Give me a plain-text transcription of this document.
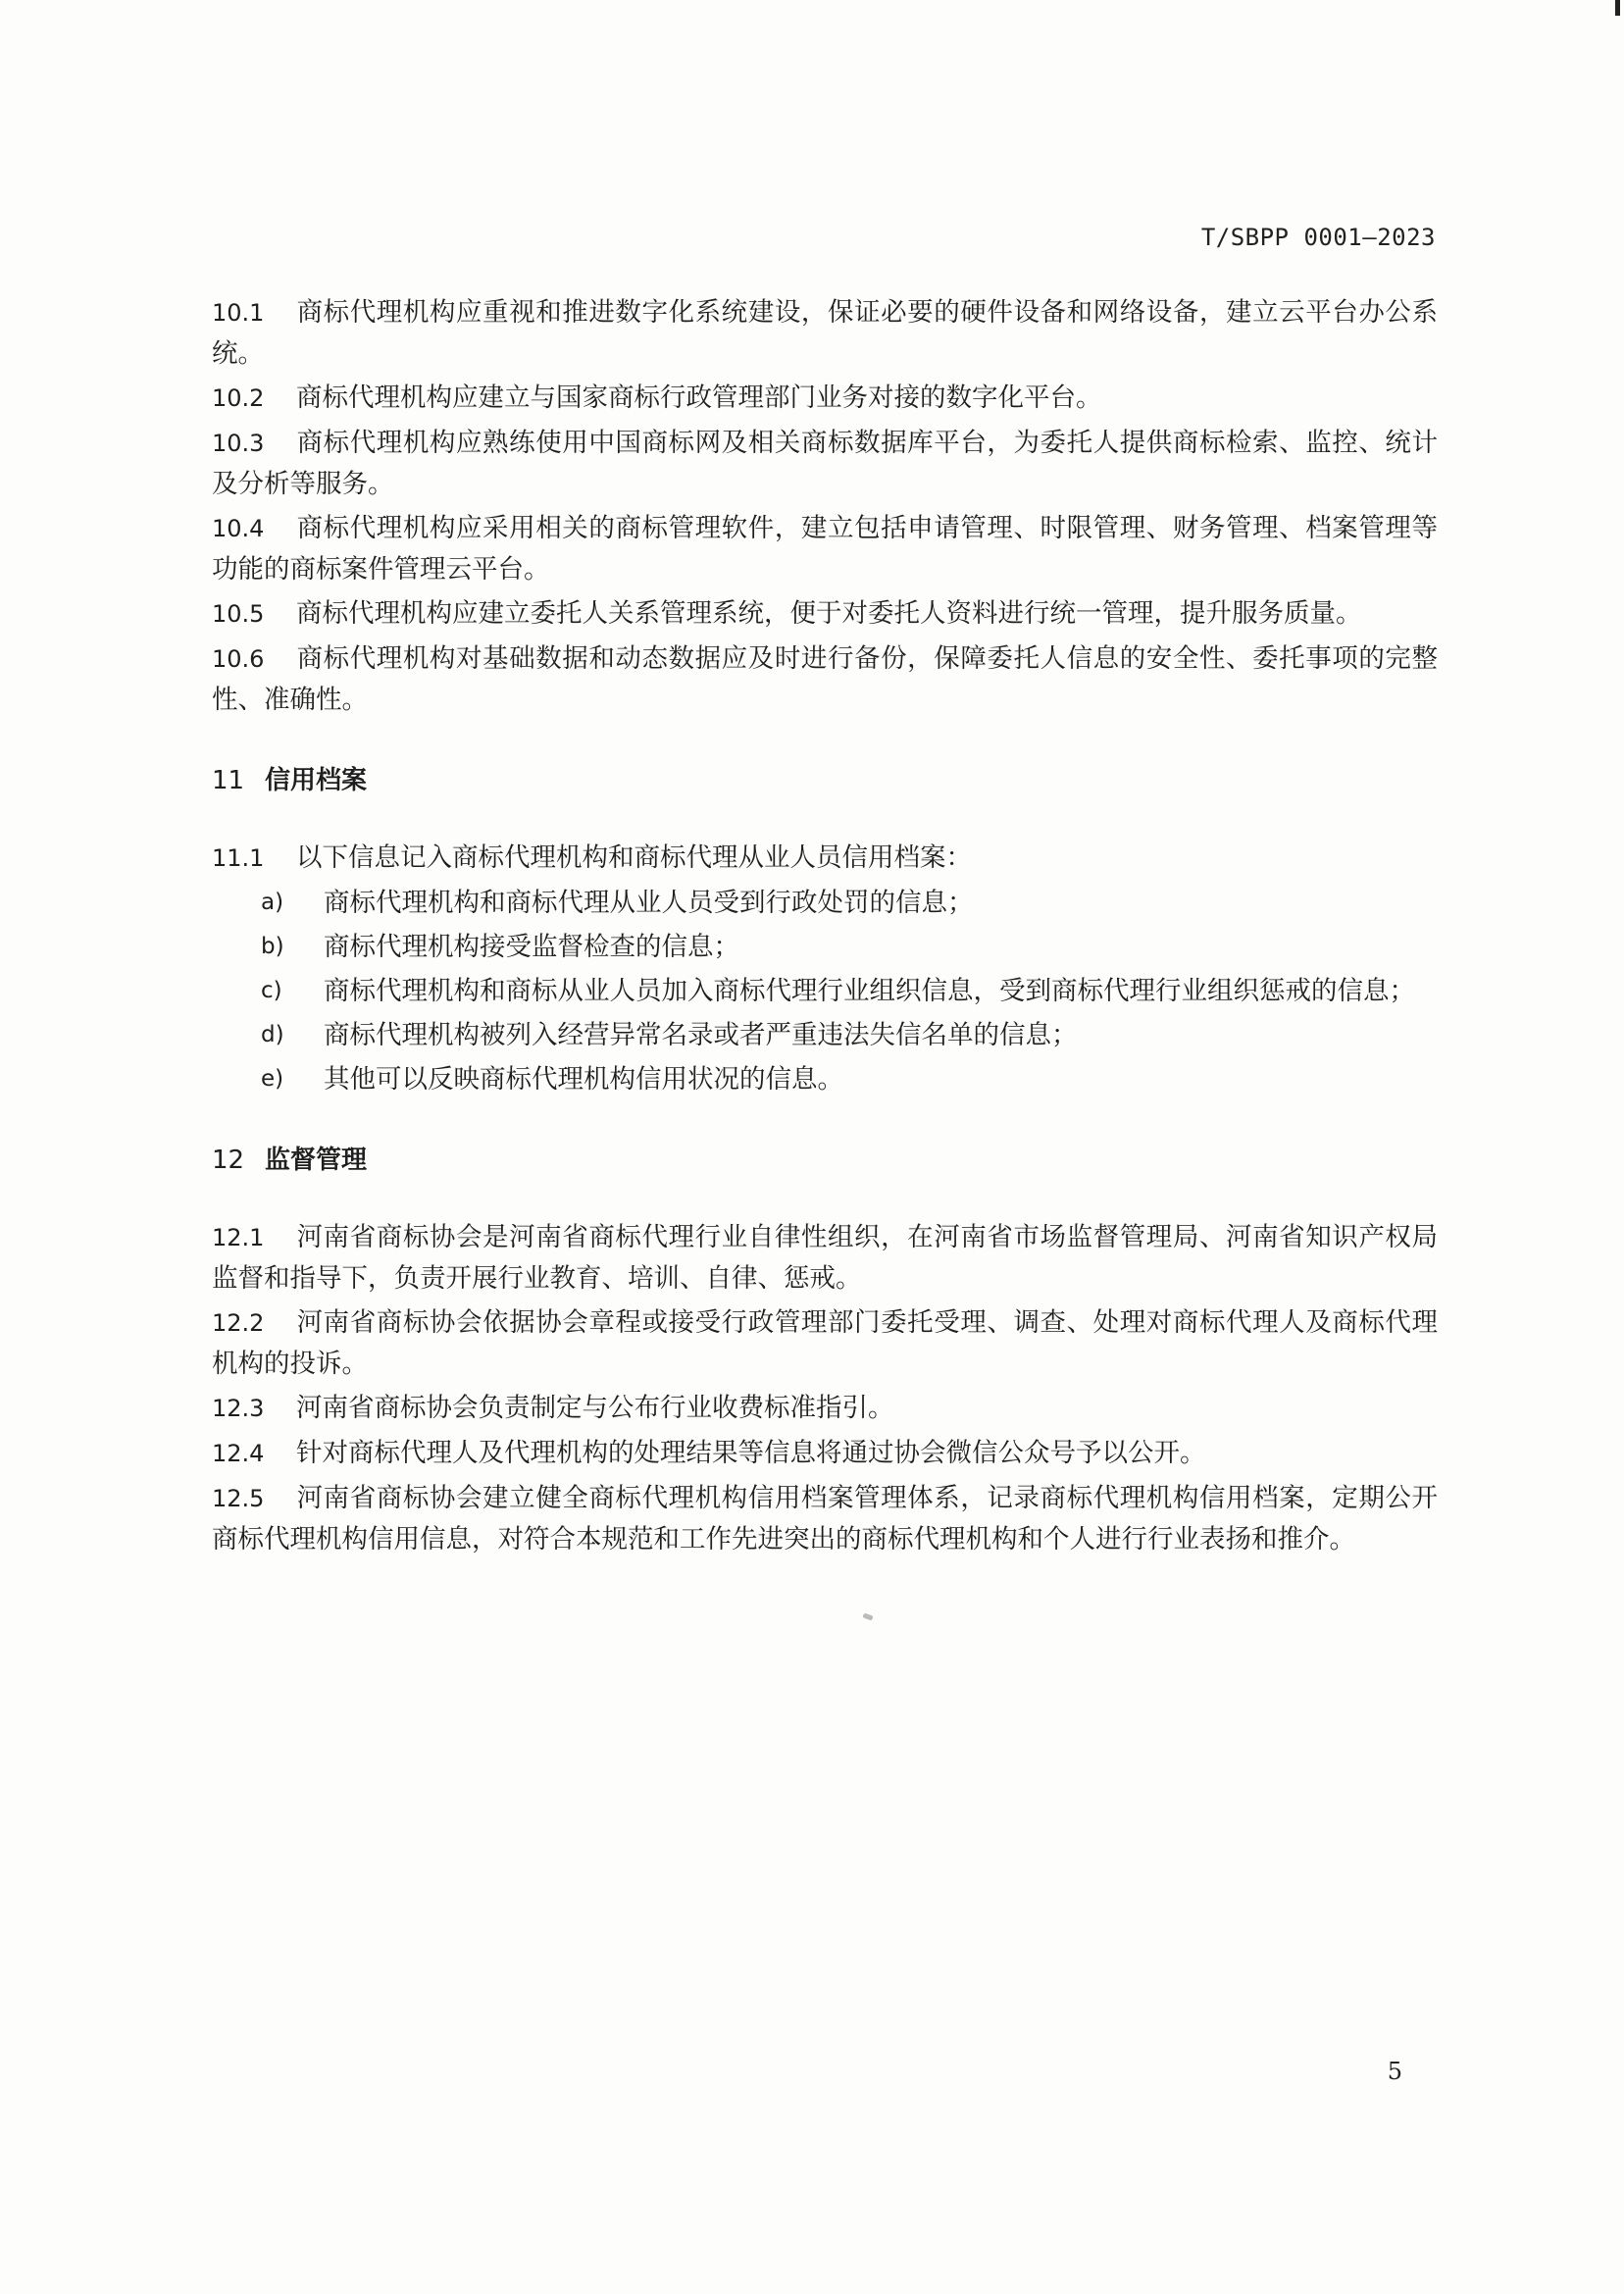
T/SBPP 0001—2023

10.1 商标代理机构应重视和推进数字化系统建设，保证必要的硬件设备和网络设备，建立云平台办公系统。

10.2 商标代理机构应建立与国家商标行政管理部门业务对接的数字化平台。

10.3 商标代理机构应熟练使用中国商标网及相关商标数据库平台，为委托人提供商标检索、监控、统计及分析等服务。

10.4 商标代理机构应采用相关的商标管理软件，建立包括申请管理、时限管理、财务管理、档案管理等功能的商标案件管理云平台。

10.5 商标代理机构应建立委托人关系管理系统，便于对委托人资料进行统一管理，提升服务质量。

10.6 商标代理机构对基础数据和动态数据应及时进行备份，保障委托人信息的安全性、委托事项的完整性、准确性。

11 信用档案

11.1 以下信息记入商标代理机构和商标代理从业人员信用档案：

a) 商标代理机构和商标代理从业人员受到行政处罚的信息；
b) 商标代理机构接受监督检查的信息；
c) 商标代理机构和商标从业人员加入商标代理行业组织信息，受到商标代理行业组织惩戒的信息；
d) 商标代理机构被列入经营异常名录或者严重违法失信名单的信息；
e) 其他可以反映商标代理机构信用状况的信息。
12 监督管理

12.1 河南省商标协会是河南省商标代理行业自律性组织，在河南省市场监督管理局、河南省知识产权局监督和指导下，负责开展行业教育、培训、自律、惩戒。

12.2 河南省商标协会依据协会章程或接受行政管理部门委托受理、调查、处理对商标代理人及商标代理机构的投诉。

12.3 河南省商标协会负责制定与公布行业收费标准指引。

12.4 针对商标代理人及代理机构的处理结果等信息将通过协会微信公众号予以公开。

12.5 河南省商标协会建立健全商标代理机构信用档案管理体系，记录商标代理机构信用档案，定期公开商标代理机构信用信息，对符合本规范和工作先进突出的商标代理机构和个人进行行业表扬和推介。

5
